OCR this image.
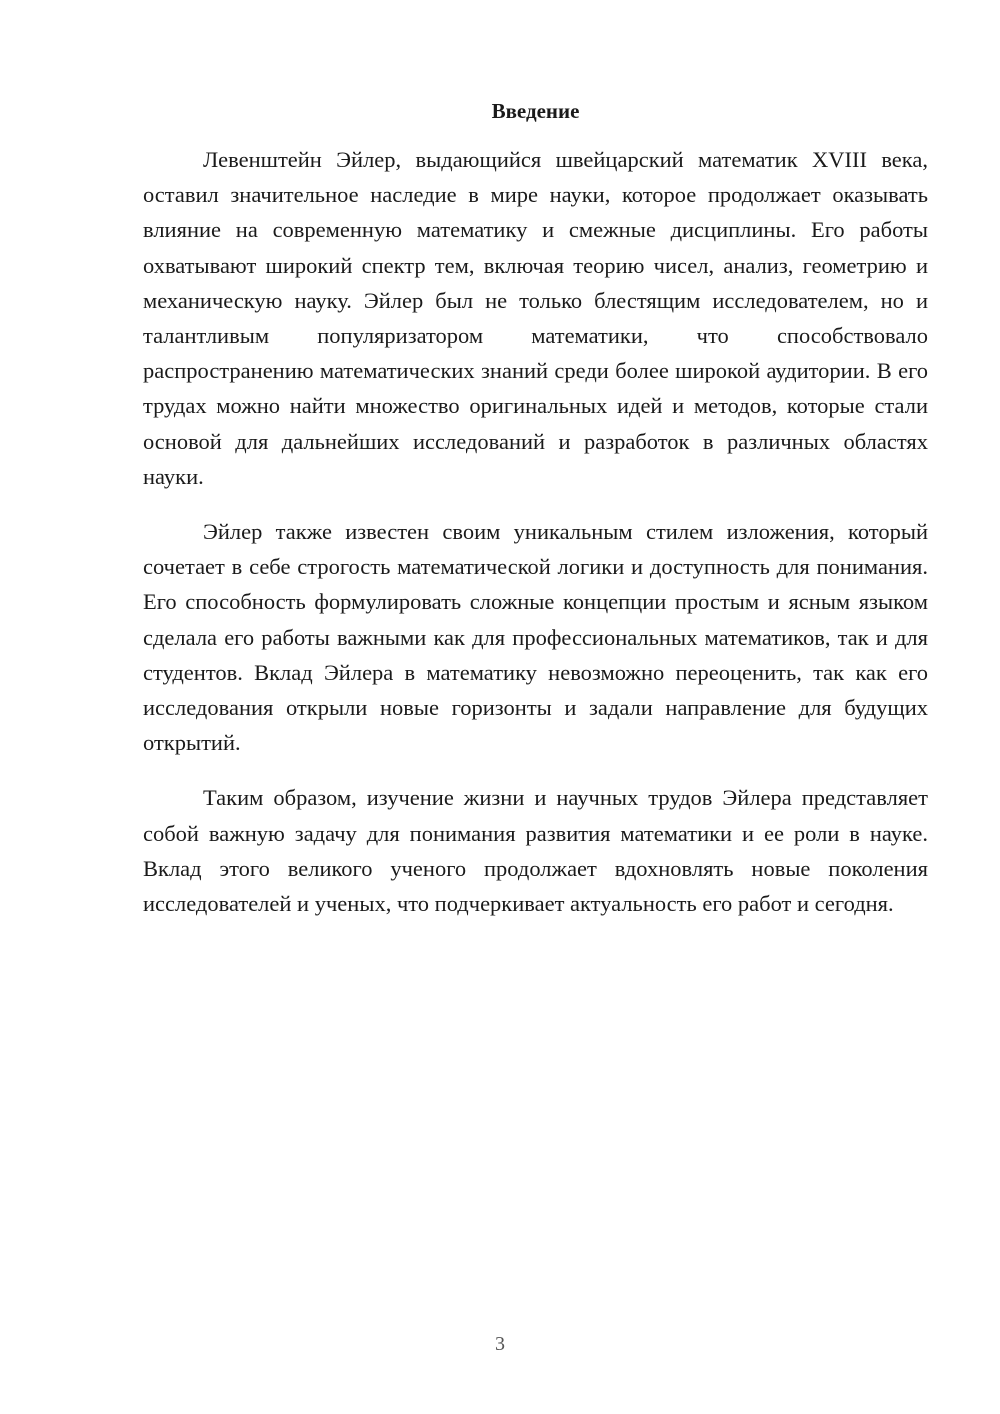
Введение

Левенштейн Эйлер, выдающийся швейцарский математик XVIII века, оставил значительное наследие в мире науки, которое продолжает оказывать влияние на современную математику и смежные дисциплины. Его работы охватывают широкий спектр тем, включая теорию чисел, анализ, геометрию и механическую науку. Эйлер был не только блестящим исследователем, но и талантливым популяризатором математики, что способствовало распространению математических знаний среди более широкой аудитории. В его трудах можно найти множество оригинальных идей и методов, которые стали основой для дальнейших исследований и разработок в различных областях науки.

Эйлер также известен своим уникальным стилем изложения, который сочетает в себе строгость математической логики и доступность для понимания. Его способность формулировать сложные концепции простым и ясным языком сделала его работы важными как для профессиональных математиков, так и для студентов. Вклад Эйлера в математику невозможно переоценить, так как его исследования открыли новые горизонты и задали направление для будущих открытий.

Таким образом, изучение жизни и научных трудов Эйлера представляет собой важную задачу для понимания развития математики и ее роли в науке. Вклад этого великого ученого продолжает вдохновлять новые поколения исследователей и ученых, что подчеркивает актуальность его работ и сегодня.

3
